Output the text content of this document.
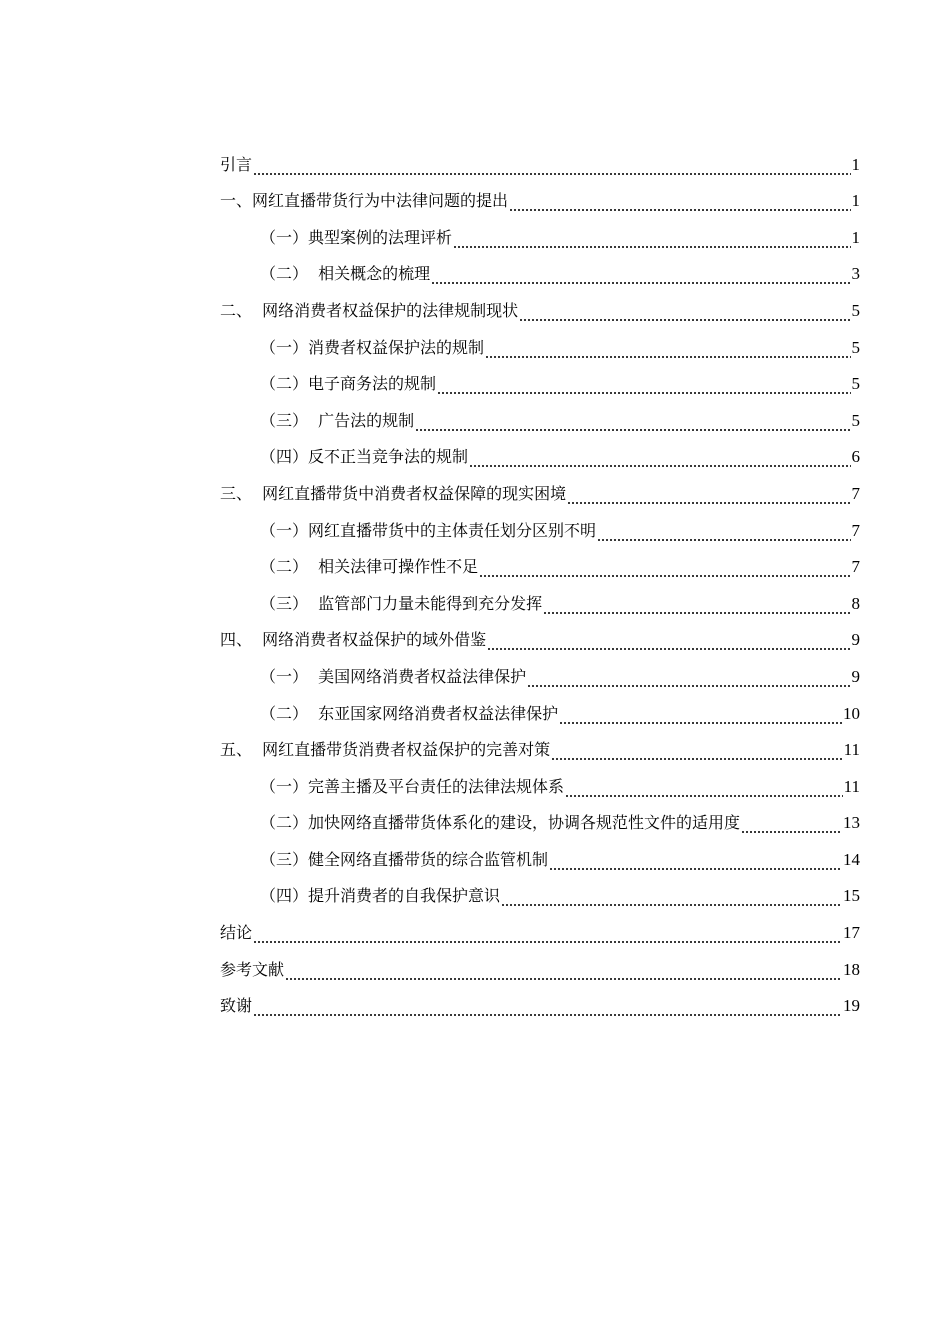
引言	1
一、网红直播带货行为中法律问题的提出	1
（一）典型案例的法理评析	1
（二）  相关概念的梳理	3
二、  网络消费者权益保护的法律规制现状	5
（一）消费者权益保护法的规制	5
（二）电子商务法的规制	5
（三）  广告法的规制	5
（四）反不正当竞争法的规制	6
三、  网红直播带货中消费者权益保障的现实困境	7
（一）网红直播带货中的主体责任划分区别不明	7
（二）  相关法律可操作性不足	7
（三）  监管部门力量未能得到充分发挥	8
四、  网络消费者权益保护的域外借鉴	9
（一）  美国网络消费者权益法律保护	9
（二）  东亚国家网络消费者权益法律保护	10
五、  网红直播带货消费者权益保护的完善对策	11
（一）完善主播及平台责任的法律法规体系	11
（二）加快网络直播带货体系化的建设，协调各规范性文件的适用度	13
（三）健全网络直播带货的综合监管机制	14
（四）提升消费者的自我保护意识	15
结论	17
参考文献	18
致谢	19
